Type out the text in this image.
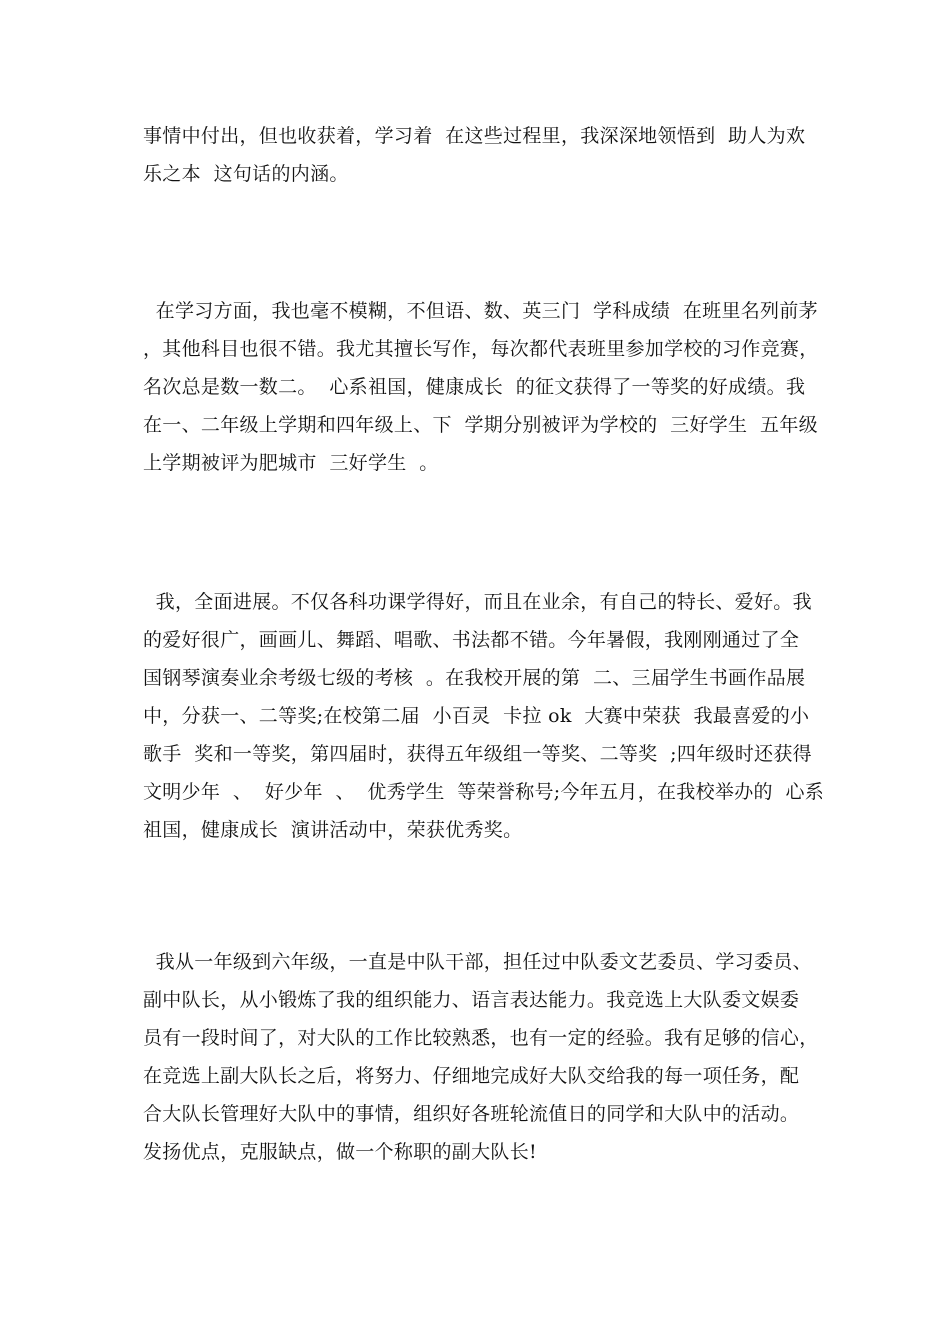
事情中付出，但也收获着，学习着  在这些过程里，我深深地领悟到  助人为欢
乐之本  这句话的内涵。
在学习方面，我也毫不模糊，不但语、数、英三门  学科成绩  在班里名列前茅
，其他科目也很不错。我尤其擅长写作，每次都代表班里参加学校的习作竞赛，
名次总是数一数二。  心系祖国，健康成长  的征文获得了一等奖的好成绩。我
在一、二年级上学期和四年级上、下  学期分别被评为学校的  三好学生  五年级
上学期被评为肥城市  三好学生  。
我，全面进展。不仅各科功课学得好，而且在业余，有自己的特长、爱好。我
的爱好很广，画画儿、舞蹈、唱歌、书法都不错。今年暑假，我刚刚通过了全
国钢琴演奏业余考级七级的考核  。在我校开展的第  二、三届学生书画作品展
中，分获一、二等奖;在校第二届  小百灵  卡拉 ok  大赛中荣获  我最喜爱的小
歌手  奖和一等奖，第四届时，获得五年级组一等奖、二等奖  ;四年级时还获得
文明少年  、  好少年  、  优秀学生  等荣誉称号;今年五月，在我校举办的  心系
祖国，健康成长  演讲活动中，荣获优秀奖。
我从一年级到六年级，一直是中队干部，担任过中队委文艺委员、学习委员、
副中队长，从小锻炼了我的组织能力、语言表达能力。我竞选上大队委文娱委
员有一段时间了，对大队的工作比较熟悉，也有一定的经验。我有足够的信心，
在竞选上副大队长之后，将努力、仔细地完成好大队交给我的每一项任务，配
合大队长管理好大队中的事情，组织好各班轮流值日的同学和大队中的活动。
发扬优点，克服缺点，做一个称职的副大队长!
